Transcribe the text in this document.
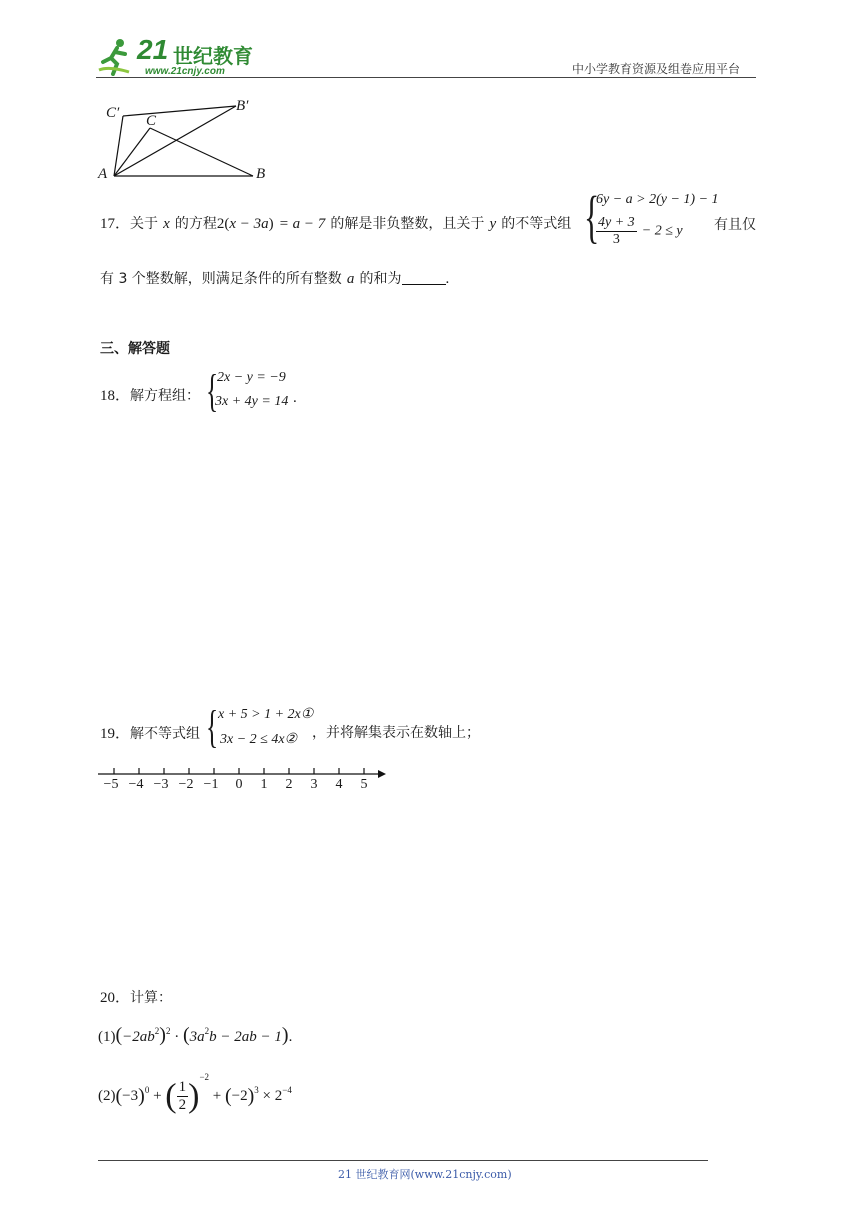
21 世纪教育
www.21cnjy.com	中小学教育资源及组卷应用平台
C′ C
B′
A	B
17．关于 x 的方程2(x − 3a) = a − 7 的解是非负整数，且关于 y 的不等式组 {
6y − a > 2(y − 1) − 1
$\frac{4y + 3}{3} - 2 \le y$ 有且仅
有 3 个整数解，则满足条件的所有整数 a 的和为	.
三、解答题
18．解方程组： {
2x − y = −9
3x + 4y = 14 .
19．解不等式组 { x + 5 > 1 + 2x①
3x − 2 ≤ 4x② ，并将解集表示在数轴上；
−5 −4 −3 −2 −1	0	1	2	3	4	5
20．计算：
$(1)(-2ab^2)^2 \cdot (3a^2b - 2ab - 1)$.
$(2)(-3)^0$ + ( $\frac{1}{2} )^{-2} + (-2)^3 \times 2^{-4}$
21 世纪教育网(www.21cnjy.com)
